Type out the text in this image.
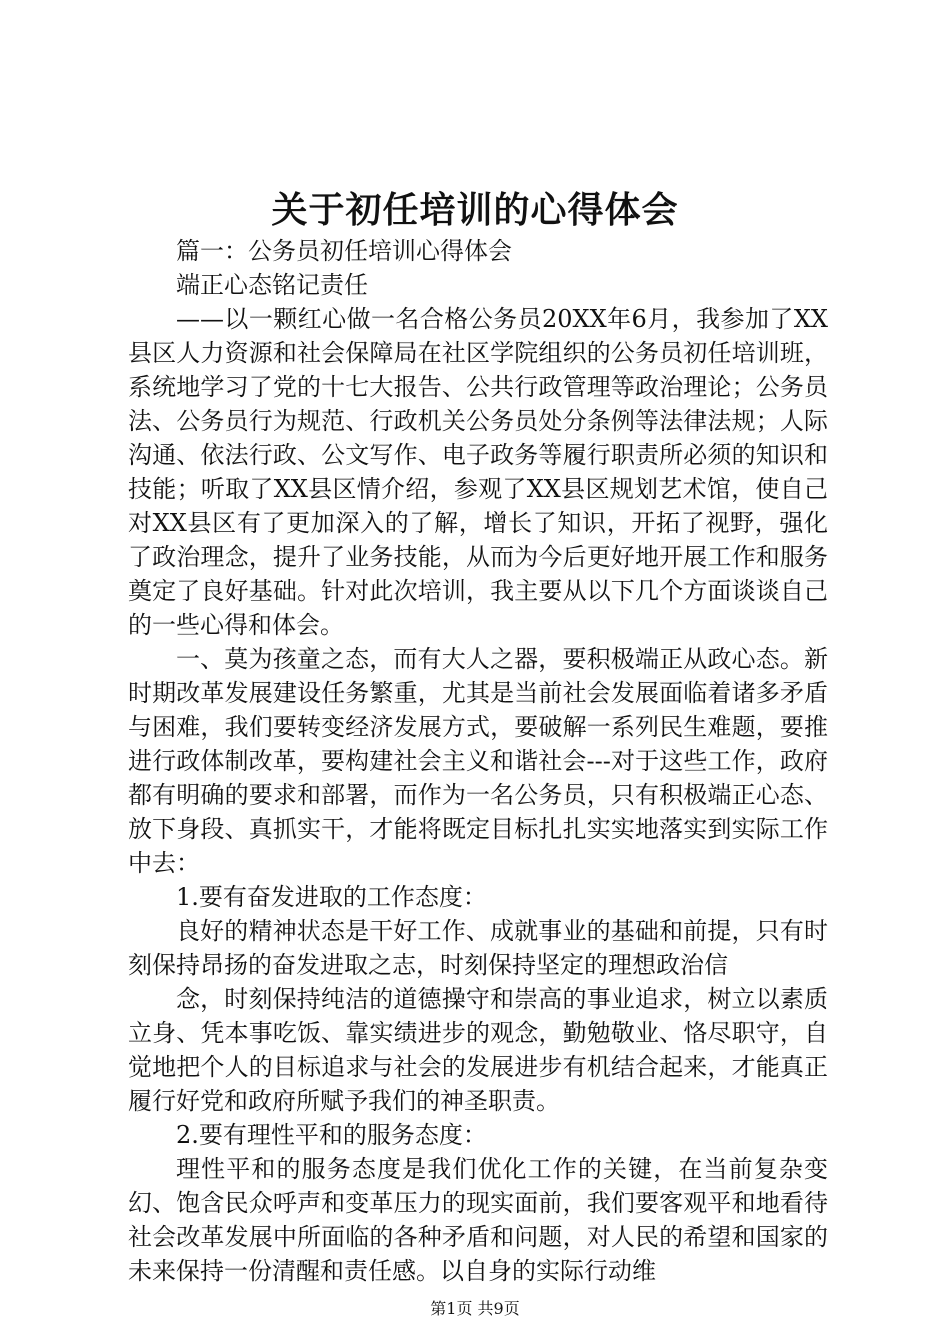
关于初任培训的心得体会

篇一：公务员初任培训心得体会

端正心态铭记责任

——以一颗红心做一名合格公务员20XX年6月，我参加了XX县区人力资源和社会保障局在社区学院组织的公务员初任培训班，系统地学习了党的十七大报告、公共行政管理等政治理论；公务员法、公务员行为规范、行政机关公务员处分条例等法律法规；人际沟通、依法行政、公文写作、电子政务等履行职责所必须的知识和技能；听取了XX县区情介绍，参观了XX县区规划艺术馆，使自己对XX县区有了更加深入的了解，增长了知识，开拓了视野，强化了政治理念，提升了业务技能，从而为今后更好地开展工作和服务奠定了良好基础。针对此次培训，我主要从以下几个方面谈谈自己的一些心得和体会。

一、莫为孩童之态，而有大人之器，要积极端正从政心态。新时期改革发展建设任务繁重，尤其是当前社会发展面临着诸多矛盾与困难，我们要转变经济发展方式，要破解一系列民生难题，要推进行政体制改革，要构建社会主义和谐社会---对于这些工作，政府都有明确的要求和部署，而作为一名公务员，只有积极端正心态、放下身段、真抓实干，才能将既定目标扎扎实实地落实到实际工作中去：

1.要有奋发进取的工作态度：

良好的精神状态是干好工作、成就事业的基础和前提，只有时刻保持昂扬的奋发进取之志，时刻保持坚定的理想政治信

念，时刻保持纯洁的道德操守和崇高的事业追求，树立以素质立身、凭本事吃饭、靠实绩进步的观念，勤勉敬业、恪尽职守，自觉地把个人的目标追求与社会的发展进步有机结合起来，才能真正履行好党和政府所赋予我们的神圣职责。

2.要有理性平和的服务态度：

理性平和的服务态度是我们优化工作的关键，在当前复杂变幻、饱含民众呼声和变革压力的现实面前，我们要客观平和地看待社会改革发展中所面临的各种矛盾和问题，对人民的希望和国家的未来保持一份清醒和责任感。以自身的实际行动维

第1页 共9页
